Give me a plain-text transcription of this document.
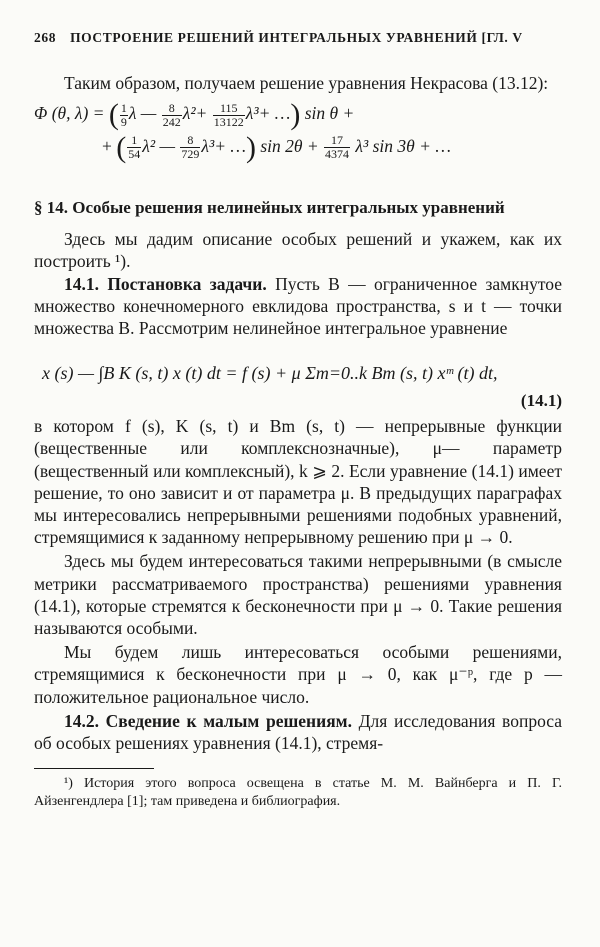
268 ПОСТРОЕНИЕ РЕШЕНИЙ ИНТЕГРАЛЬНЫХ УРАВНЕНИЙ [ГЛ. V

Таким образом, получаем решение уравнения Некрасова (13.12):

Φ (θ, λ) = ( $\frac{1}{9}$ λ — $\frac{8}{242} \lambda^2+ \frac{115}{13122} \lambda^3+$ …) sin θ +
+ ( $\frac{1}{54} \lambda^2$ — $\frac{8}{729} \lambda^3+$ …) $\sin 2\theta + \frac{17}{4374} \lambda^3$ sin 3θ + …

§ 14. Особые решения нелинейных интегральных уравнений

Здесь мы дадим описание особых решений и укажем, как их построить ¹).

14.1. Постановка задачи. Пусть B — ограниченное замкнутое множество конечномерного евклидова пространства, s и t — точки множества B. Рассмотрим нелинейное интегральное уравнение

x (s) — ∫B K (s, t) x (t) dt = f (s) + μ Σm=0..k Bm (s, t) xᵐ (t) dt,
(14.1)

в котором f (s), K (s, t) и Bm (s, t) — непрерывные функции (вещественные или комплекснозначные), μ— параметр (вещественный или комплексный), k ⩾ 2. Если уравнение (14.1) имеет решение, то оно зависит и от параметра μ. В предыдущих параграфах мы интересовались непрерывными решениями подобных уравнений, стремящимися к заданному непрерывному решению при μ → 0.

Здесь мы будем интересоваться такими непрерывными (в смысле метрики рассматриваемого пространства) решениями уравнения (14.1), которые стремятся к бесконечности при μ → 0. Такие решения называются особыми.

Мы будем лишь интересоваться особыми решениями, стремящимися к бесконечности при μ → 0, как μ⁻ᵖ, где p — положительное рациональное число.

14.2. Сведение к малым решениям. Для исследования вопроса об особых решениях уравнения (14.1), стремя-

¹) История этого вопроса освещена в статье М. М. Вайнберга и П. Г. Айзенгендлера [1]; там приведена и библиография.
